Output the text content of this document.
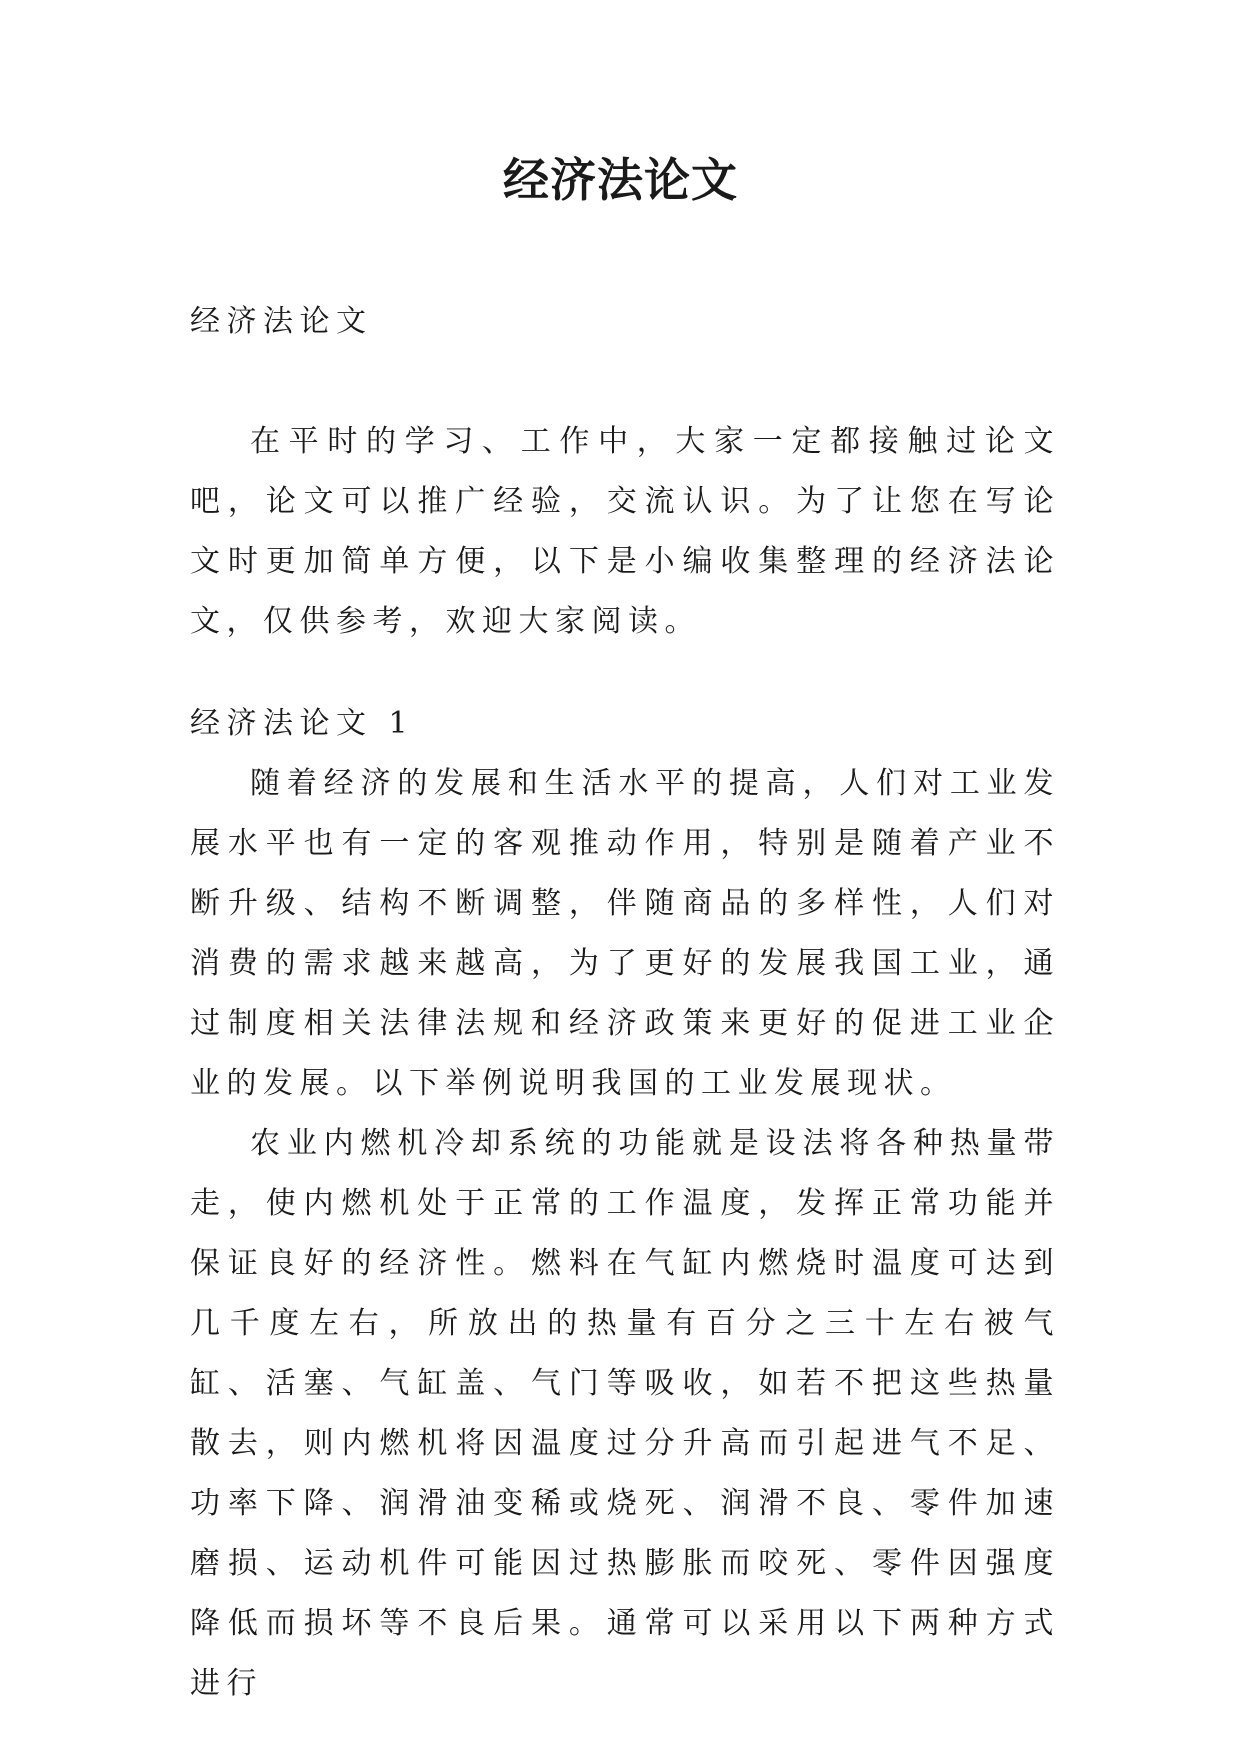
经济法论文

经济法论文

在平时的学习、工作中，大家一定都接触过论文吧，论文可以推广经验，交流认识。为了让您在写论文时更加简单方便，以下是小编收集整理的经济法论文，仅供参考，欢迎大家阅读。

经济法论文 1

随着经济的发展和生活水平的提高，人们对工业发展水平也有一定的客观推动作用，特别是随着产业不断升级、结构不断调整，伴随商品的多样性，人们对消费的需求越来越高，为了更好的发展我国工业，通过制度相关法律法规和经济政策来更好的促进工业企业的发展。以下举例说明我国的工业发展现状。

农业内燃机冷却系统的功能就是设法将各种热量带走，使内燃机处于正常的工作温度，发挥正常功能并保证良好的经济性。燃料在气缸内燃烧时温度可达到几千度左右，所放出的热量有百分之三十左右被气缸、活塞、气缸盖、气门等吸收，如若不把这些热量散去，则内燃机将因温度过分升高而引起进气不足、功率下降、润滑油变稀或烧死、润滑不良、零件加速磨损、运动机件可能因过热膨胀而咬死、零件因强度降低而损坏等不良后果。通常可以采用以下两种方式进行
